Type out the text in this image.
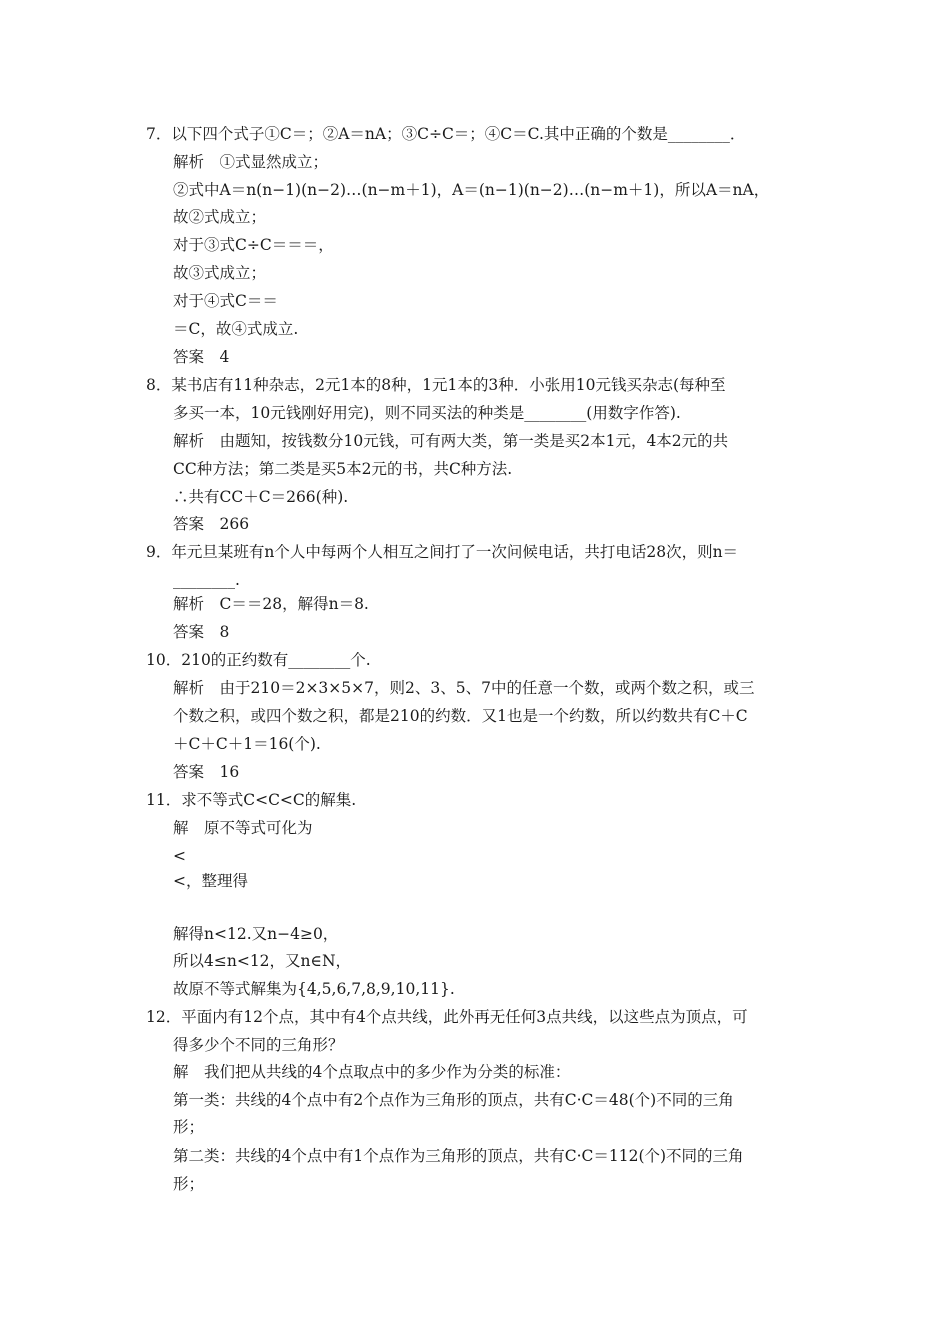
7．以下四个式子①C＝；②A＝nA；③C÷C＝；④C＝C.其中正确的个数是________．
解析　①式显然成立；
②式中A＝n(n−1)(n−2)…(n−m＋1)，A＝(n−1)(n−2)…(n−m＋1)，所以A＝nA，
故②式成立；
对于③式C÷C＝＝＝，
故③式成立；
对于④式C＝＝
＝C，故④式成立.
答案　4
8．某书店有11种杂志，2元1本的8种，1元1本的3种．小张用10元钱买杂志(每种至
多买一本，10元钱刚好用完)，则不同买法的种类是________(用数字作答).
解析　由题知，按钱数分10元钱，可有两大类，第一类是买2本1元，4本2元的共
CC种方法；第二类是买5本2元的书，共C种方法.
∴共有CC＋C＝266(种).
答案　266
9．年元旦某班有n个人中每两个人相互之间打了一次问候电话，共打电话28次，则n＝
________.
解析　C＝＝28，解得n＝8.
答案　8
10．210的正约数有________个.
解析　由于210＝2×3×5×7，则2、3、5、7中的任意一个数，或两个数之积，或三
个数之积，或四个数之积，都是210的约数．又1也是一个约数，所以约数共有C＋C
＋C＋C＋1＝16(个).
答案　16
11．求不等式C<C<C的解集.
解　原不等式可化为
<
<，整理得
解得n<12.又n−4≥0，
所以4≤n<12，又n∈N，
故原不等式解集为{4,5,6,7,8,9,10,11}.
12．平面内有12个点，其中有4个点共线，此外再无任何3点共线，以这些点为顶点，可
得多少个不同的三角形？
解　我们把从共线的4个点取点中的多少作为分类的标准：
第一类：共线的4个点中有2个点作为三角形的顶点，共有C·C＝48(个)不同的三角
形；
第二类：共线的4个点中有1个点作为三角形的顶点，共有C·C＝112(个)不同的三角
形；
